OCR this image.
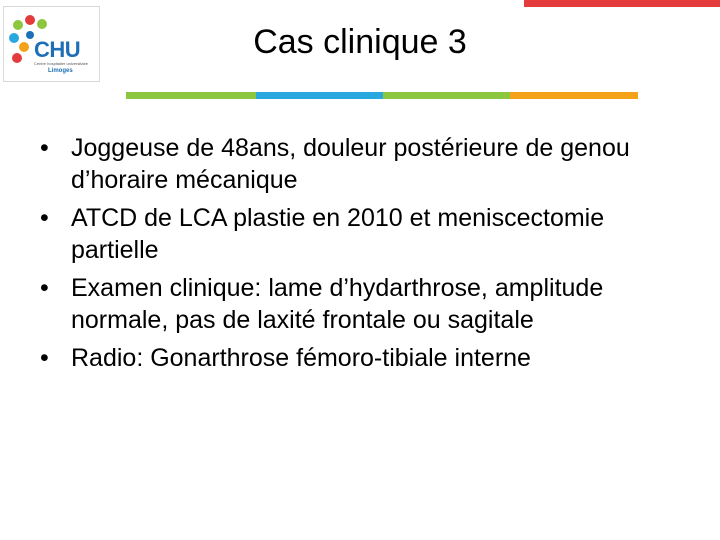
CHU
Centre hospitalier universitaire
Limoges
Cas clinique 3
• Joggeuse de 48ans, douleur postérieure de genou d’horaire mécanique
• ATCD de LCA plastie en 2010 et meniscectomie partielle
• Examen clinique: lame d’hydarthrose, amplitude normale, pas de laxité frontale ou sagitale
• Radio: Gonarthrose fémoro-tibiale interne
